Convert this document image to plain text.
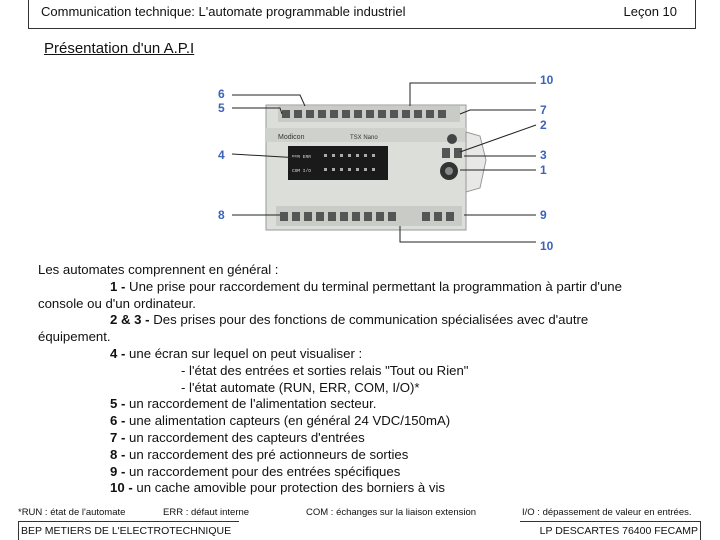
Communication technique: L'automate programmable industriel	Leçon 10
Présentation d'un A.P.I
Modicon	TSX Nano
RUN ERR
COM I/O
6
5
4
8
10
7
2
3
1
9
10

Les automates comprennent en général :

1 - Une prise pour raccordement du terminal permettant la programmation à partir d'une

console ou d'un ordinateur.

2 & 3 - Des prises pour des fonctions de communication spécialisées avec d'autre

équipement.

4 - une écran sur lequel on peut visualiser :

- l'état des entrées et sorties relais "Tout ou Rien"

- l'état automate (RUN, ERR, COM, I/O)*

5 - un raccordement de l'alimentation secteur.

6 - une alimentation capteurs (en général 24 VDC/150mA)

7 - un raccordement des capteurs d'entrées

8 - un raccordement des pré actionneurs de sorties

9 - un raccordement pour des entrées spécifiques

10 - un cache amovible pour protection des borniers à vis

*RUN : état de l'automate	ERR : défaut interne	COM : échanges sur la liaison extension	I/O : dépassement de valeur en entrées.
BEP METIERS DE L'ELECTROTECHNIQUE	LP DESCARTES 76400 FECAMP
